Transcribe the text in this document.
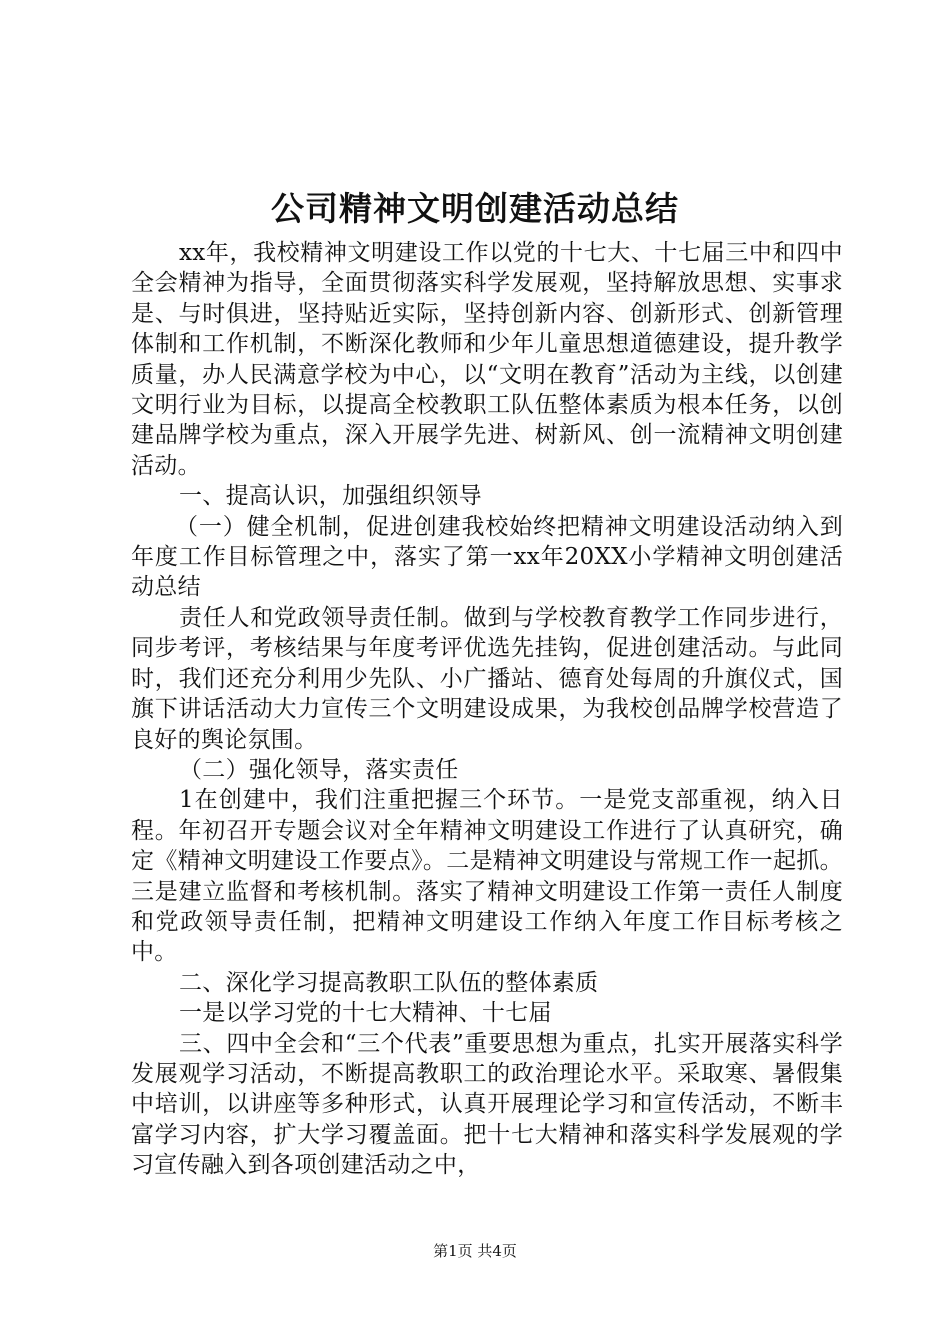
公司精神文明创建活动总结

xx年，我校精神文明建设工作以党的十七大、十七届三中和四中全会精神为指导，全面贯彻落实科学发展观，坚持解放思想、实事求是、与时俱进，坚持贴近实际，坚持创新内容、创新形式、创新管理体制和工作机制，不断深化教师和少年儿童思想道德建设，提升教学质量，办人民满意学校为中心，以“文明在教育”活动为主线，以创建文明行业为目标，以提高全校教职工队伍整体素质为根本任务，以创建品牌学校为重点，深入开展学先进、树新风、创一流精神文明创建活动。

一、提高认识，加强组织领导

（一）健全机制，促进创建我校始终把精神文明建设活动纳入到年度工作目标管理之中，落实了第一xx年20XX小学精神文明创建活动总结

责任人和党政领导责任制。做到与学校教育教学工作同步进行，同步考评，考核结果与年度考评优选先挂钩，促进创建活动。与此同时，我们还充分利用少先队、小广播站、德育处每周的升旗仪式，国旗下讲话活动大力宣传三个文明建设成果，为我校创品牌学校营造了良好的舆论氛围。

（二）强化领导，落实责任

1在创建中，我们注重把握三个环节。一是党支部重视，纳入日程。年初召开专题会议对全年精神文明建设工作进行了认真研究，确定《精神文明建设工作要点》。二是精神文明建设与常规工作一起抓。三是建立监督和考核机制。落实了精神文明建设工作第一责任人制度和党政领导责任制，把精神文明建设工作纳入年度工作目标考核之中。

二、深化学习提高教职工队伍的整体素质

一是以学习党的十七大精神、十七届

三、四中全会和“三个代表”重要思想为重点，扎实开展落实科学发展观学习活动，不断提高教职工的政治理论水平。采取寒、暑假集中培训，以讲座等多种形式，认真开展理论学习和宣传活动，不断丰富学习内容，扩大学习覆盖面。把十七大精神和落实科学发展观的学习宣传融入到各项创建活动之中，

第1页 共4页
